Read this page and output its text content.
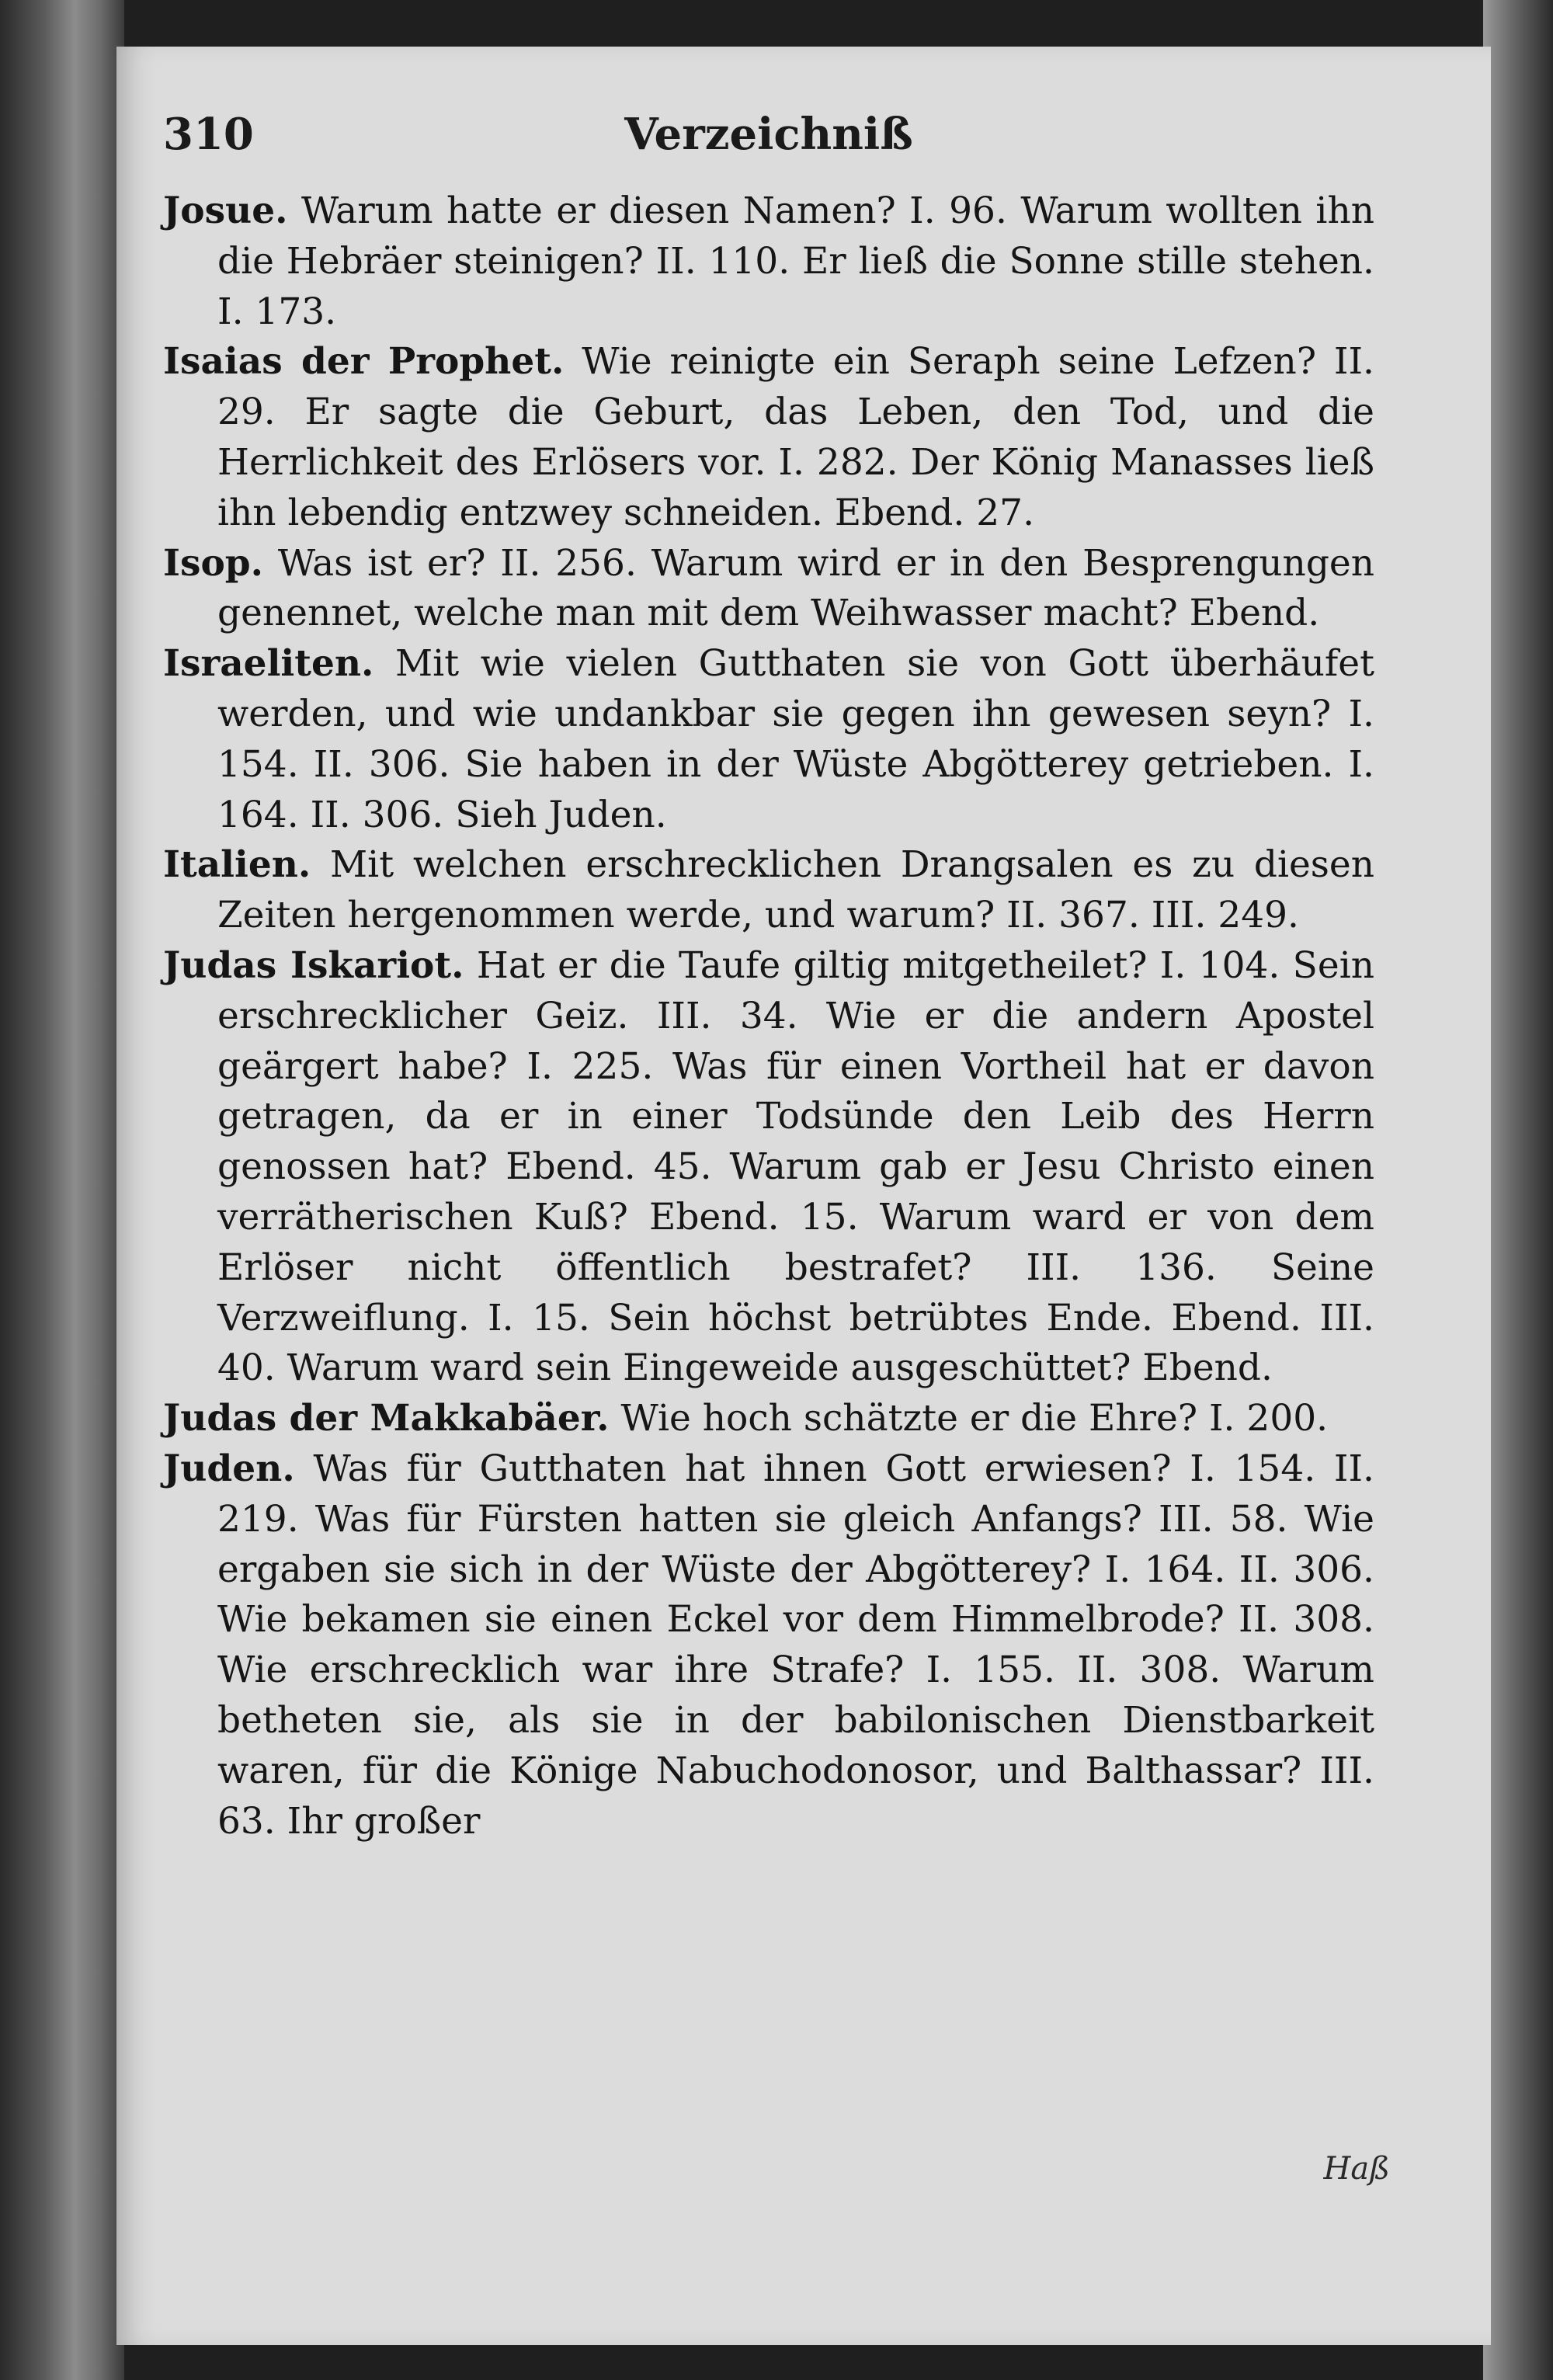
310	Verzeichniß

Josue. Warum hatte er diesen Namen? I. 96. Warum wollten ihn die Hebräer steinigen? II. 110. Er ließ die Sonne stille stehen. I. 173.

Isaias der Prophet. Wie reinigte ein Seraph seine Lefzen? II. 29. Er sagte die Geburt, das Leben, den Tod, und die Herrlichkeit des Erlösers vor. I. 282. Der König Manasses ließ ihn lebendig entzwey schneiden. Ebend. 27.

Isop. Was ist er? II. 256. Warum wird er in den Besprengungen genennet, welche man mit dem Weihwasser macht? Ebend.

Israeliten. Mit wie vielen Gutthaten sie von Gott überhäufet werden, und wie undankbar sie gegen ihn gewesen seyn? I. 154. II. 306. Sie haben in der Wüste Abgötterey getrieben. I. 164. II. 306. Sieh Juden.

Italien. Mit welchen erschrecklichen Drangsalen es zu diesen Zeiten hergenommen werde, und warum? II. 367. III. 249.

Judas Iskariot. Hat er die Taufe giltig mitgetheilet? I. 104. Sein erschrecklicher Geiz. III. 34. Wie er die andern Apostel geärgert habe? I. 225. Was für einen Vortheil hat er davon getragen, da er in einer Todsünde den Leib des Herrn genossen hat? Ebend. 45. Warum gab er Jesu Christo einen verrätherischen Kuß? Ebend. 15. Warum ward er von dem Erlöser nicht öffentlich bestrafet? III. 136. Seine Verzweiflung. I. 15. Sein höchst betrübtes Ende. Ebend. III. 40. Warum ward sein Eingeweide ausgeschüttet? Ebend.

Judas der Makkabäer. Wie hoch schätzte er die Ehre? I. 200.

Juden. Was für Gutthaten hat ihnen Gott erwiesen? I. 154. II. 219. Was für Fürsten hatten sie gleich Anfangs? III. 58. Wie ergaben sie sich in der Wüste der Abgötterey? I. 164. II. 306. Wie bekamen sie einen Eckel vor dem Himmelbrode? II. 308. Wie erschrecklich war ihre Strafe? I. 155. II. 308. Warum betheten sie, als sie in der babilonischen Dienstbarkeit waren, für die Könige Nabuchodonosor, und Balthassar? III. 63. Ihr großer

Haß
